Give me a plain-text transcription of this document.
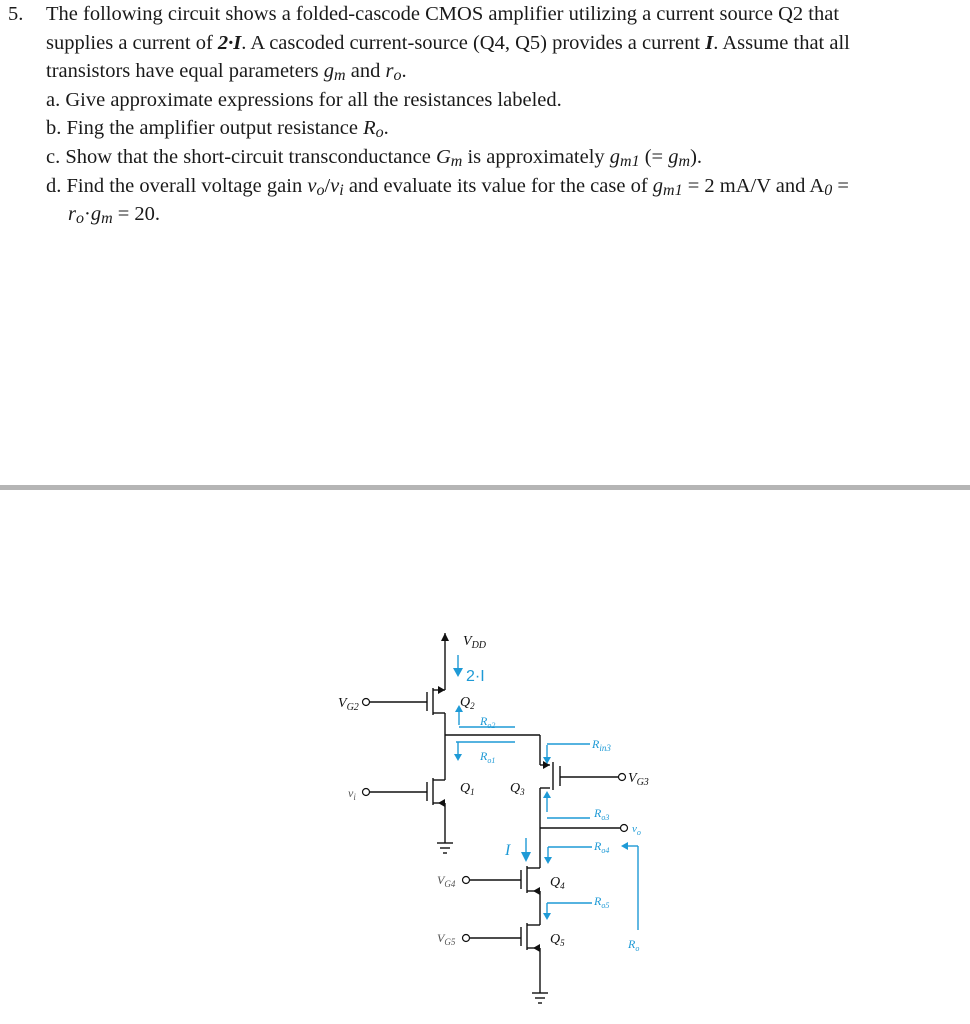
5. The following circuit shows a folded-cascode CMOS amplifier utilizing a current source Q2 that
supplies a current of 2·I. A cascoded current-source (Q4, Q5) provides a current I. Assume that all
transistors have equal parameters gm and ro.
a. Give approximate expressions for all the resistances labeled.
b. Fing the amplifier output resistance Ro.
c. Show that the short-circuit transconductance Gm is approximately gm1 (= gm).
d. Find the overall voltage gain vo/vi and evaluate its value for the case of gm1 = 2 mA/V and A0 =
ro·gm = 20.
$V_{DD}$
2·I
$Q_2$
$R_{o2}$
$R_{o1}$
$Q_1$	$Q_3$
$V_{G2}$
$v_i$
$R_{in3}$
$V_{G3}$
$R_{o3}$
$v_o$
$R_{o4}$
I
$Q_4$
$V_{G4}$
$R_{o5}$
$Q_5$
$V_{G5}$	$R_o$
